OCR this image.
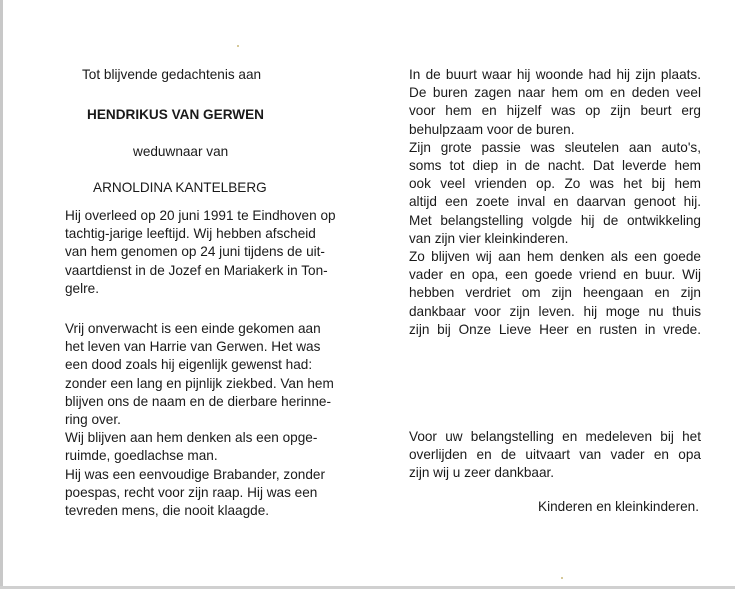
Tot blijvende gedachtenis aan
HENDRIKUS VAN GERWEN
weduwnaar van
ARNOLDINA KANTELBERG
Hij overleed op 20 juni 1991 te Eindhoven op
tachtig-jarige leeftijd. Wij hebben afscheid
van hem genomen op 24 juni tijdens de uit-
vaartdienst in de Jozef en Mariakerk in Ton-
gelre.
Vrij onverwacht is een einde gekomen aan
het leven van Harrie van Gerwen. Het was
een dood zoals hij eigenlijk gewenst had:
zonder een lang en pijnlijk ziekbed. Van hem
blijven ons de naam en de dierbare herinne-
ring over.
Wij blijven aan hem denken als een opge-
ruimde, goedlachse man.
Hij was een eenvoudige Brabander, zonder
poespas, recht voor zijn raap. Hij was een
tevreden mens, die nooit klaagde.
In de buurt waar hij woonde had hij zijn plaats.
De buren zagen naar hem om en deden veel
voor hem en hijzelf was op zijn beurt erg
behulpzaam voor de buren.
Zijn grote passie was sleutelen aan auto's,
soms tot diep in de nacht. Dat leverde hem
ook veel vrienden op. Zo was het bij hem
altijd een zoete inval en daarvan genoot hij.
Met belangstelling volgde hij de ontwikkeling
van zijn vier kleinkinderen.
Zo blijven wij aan hem denken als een goede
vader en opa, een goede vriend en buur. Wij
hebben verdriet om zijn heengaan en zijn
dankbaar voor zijn leven. hij moge nu thuis
zijn bij Onze Lieve Heer en rusten in vrede.
Voor uw belangstelling en medeleven bij het
overlijden en de uitvaart van vader en opa
zijn wij u zeer dankbaar.
Kinderen en kleinkinderen.
